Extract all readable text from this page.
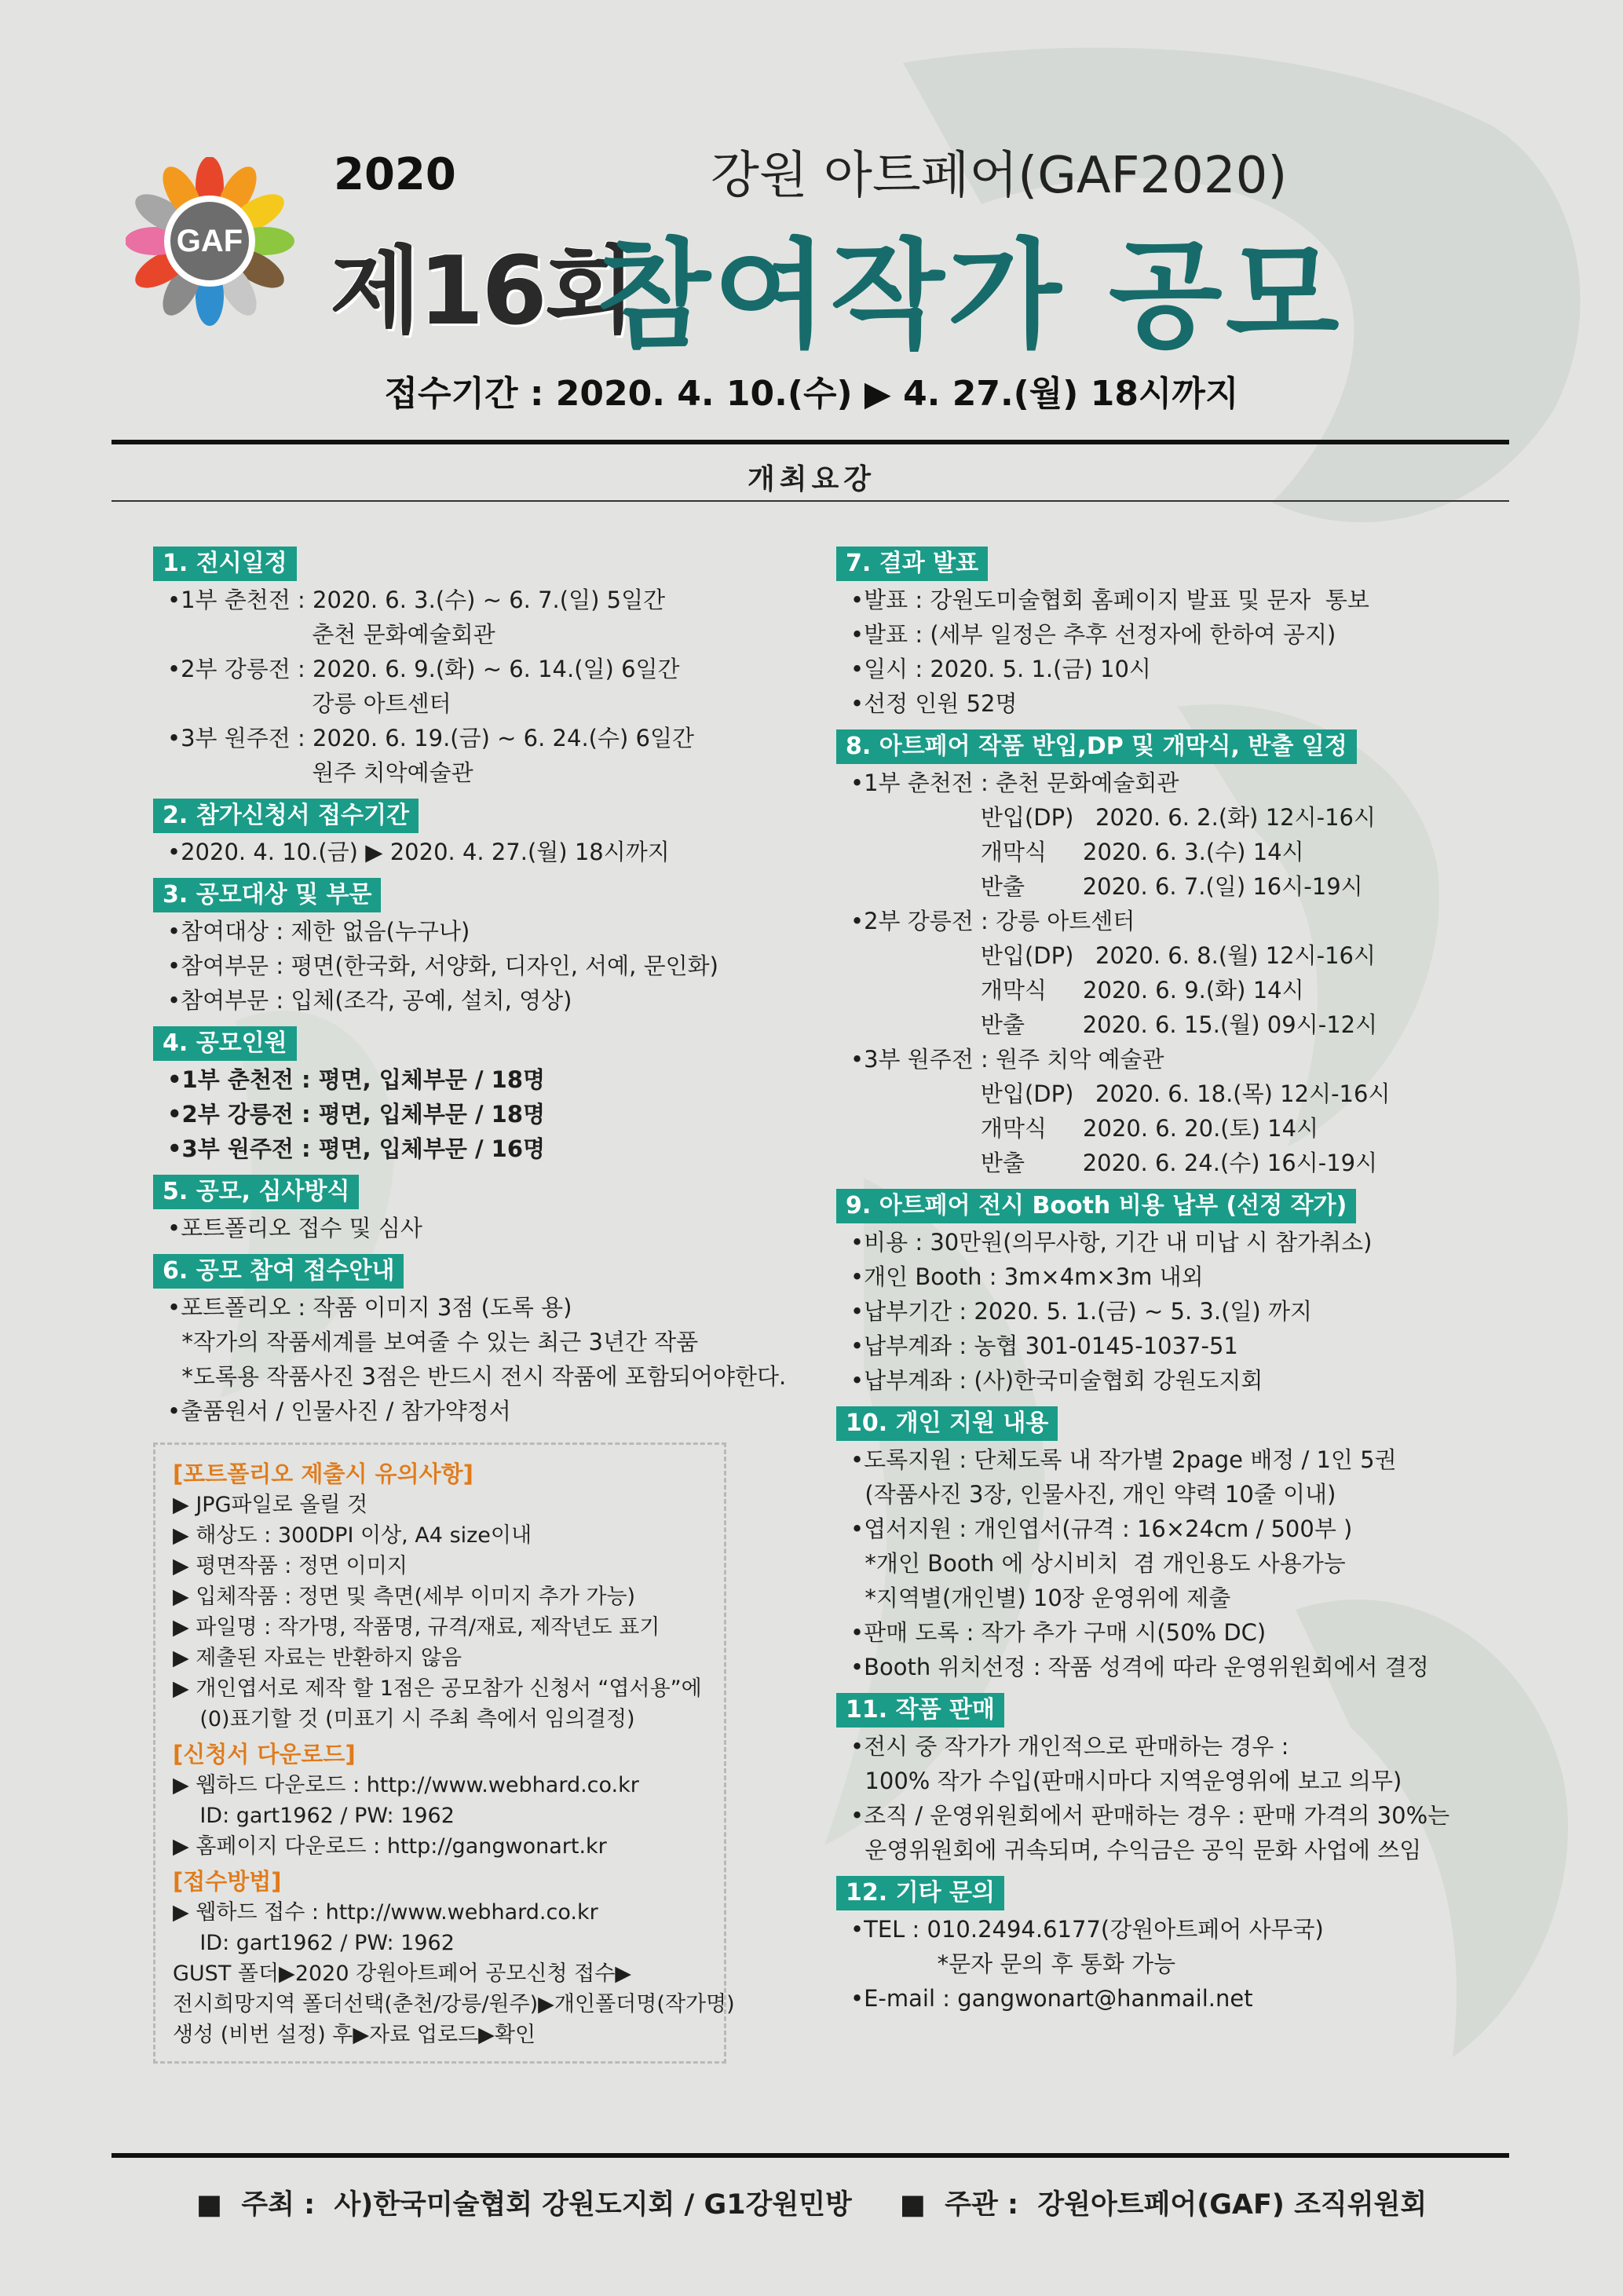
GAF
2020	강원 아트페어(GAF2020)
제16회
참여작가 공모
접수기간 : 2020. 4. 10.(수) ▶ 4. 27.(월) 18시까지
개최요강
1. 전시일정
•1부 춘천전 : 2020. 6. 3.(수) ~ 6. 7.(일) 5일간
춘천 문화예술회관
•2부 강릉전 : 2020. 6. 9.(화) ~ 6. 14.(일) 6일간
강릉 아트센터
•3부 원주전 : 2020. 6. 19.(금) ~ 6. 24.(수) 6일간
원주 치악예술관
2. 참가신청서 접수기간
•2020. 4. 10.(금) ▶ 2020. 4. 27.(월) 18시까지
3. 공모대상 및 부문
•참여대상 : 제한 없음(누구나)
•참여부문 : 평면(한국화, 서양화, 디자인, 서예, 문인화)
•참여부문 : 입체(조각, 공예, 설치, 영상)
4. 공모인원
•1부 춘천전 : 평면, 입체부문 / 18명
•2부 강릉전 : 평면, 입체부문 / 18명
•3부 원주전 : 평면, 입체부문 / 16명
5. 공모, 심사방식
•포트폴리오 접수 및 심사
6. 공모 참여 접수안내
•포트폴리오 : 작품 이미지 3점 (도록 용)
*작가의 작품세계를 보여줄 수 있는 최근 3년간 작품
*도록용 작품사진 3점은 반드시 전시 작품에 포함되어야한다.
•출품원서 / 인물사진 / 참가약정서
[포트폴리오 제출시 유의사항]
▶ JPG파일로 올릴 것
▶ 해상도 : 300DPI 이상, A4 size이내
▶ 평면작품 : 정면 이미지
▶ 입체작품 : 정면 및 측면(세부 이미지 추가 가능)
▶ 파일명 : 작가명, 작품명, 규격/재료, 제작년도 표기
▶ 제출된 자료는 반환하지 않음
▶ 개인엽서로 제작 할 1점은 공모참가 신청서 “엽서용”에
(0)표기할 것 (미표기 시 주최 측에서 임의결정)
[신청서 다운로드]
▶ 웹하드 다운로드 : http://www.webhard.co.kr
ID: gart1962 / PW: 1962
▶ 홈페이지 다운로드 : http://gangwonart.kr
[접수방법]
▶ 웹하드 접수 : http://www.webhard.co.kr
ID: gart1962 / PW: 1962
GUST 폴더▶2020 강원아트페어 공모신청 접수▶
전시희망지역 폴더선택(춘천/강릉/원주)▶개인폴더명(작가명)
생성 (비번 설정) 후▶자료 업로드▶확인
7. 결과 발표
•발표 : 강원도미술협회 홈페이지 발표 및 문자  통보
•발표 : (세부 일정은 추후 선정자에 한하여 공지)
•일시 : 2020. 5. 1.(금) 10시
•선정 인원 52명
8. 아트페어 작품 반입,DP 및 개막식, 반출 일정
•1부 춘천전 : 춘천 문화예술회관
반입(DP)   2020. 6. 2.(화) 12시-16시
개막식     2020. 6. 3.(수) 14시
반출        2020. 6. 7.(일) 16시-19시
•2부 강릉전 : 강릉 아트센터
반입(DP)   2020. 6. 8.(월) 12시-16시
개막식     2020. 6. 9.(화) 14시
반출        2020. 6. 15.(월) 09시-12시
•3부 원주전 : 원주 치악 예술관
반입(DP)   2020. 6. 18.(목) 12시-16시
개막식     2020. 6. 20.(토) 14시
반출        2020. 6. 24.(수) 16시-19시
9. 아트페어 전시 Booth 비용 납부 (선정 작가)
•비용 : 30만원(의무사항, 기간 내 미납 시 참가취소)
•개인 Booth : 3m×4m×3m 내외
•납부기간 : 2020. 5. 1.(금) ~ 5. 3.(일) 까지
•납부계좌 : 농협 301-0145-1037-51
•납부계좌 : (사)한국미술협회 강원도지회
10. 개인 지원 내용
•도록지원 : 단체도록 내 작가별 2page 배정 / 1인 5권
(작품사진 3장, 인물사진, 개인 약력 10줄 이내)
•엽서지원 : 개인엽서(규격 : 16×24cm / 500부 )
*개인 Booth 에 상시비치  겸 개인용도 사용가능
*지역별(개인별) 10장 운영위에 제출
•판매 도록 : 작가 추가 구매 시(50% DC)
•Booth 위치선정 : 작품 성격에 따라 운영위원회에서 결정
11. 작품 판매
•전시 중 작가가 개인적으로 판매하는 경우 :
100% 작가 수입(판매시마다 지역운영위에 보고 의무)
•조직 / 운영위원회에서 판매하는 경우 : 판매 가격의 30%는
운영위원회에 귀속되며, 수익금은 공익 문화 사업에 쓰임
12. 기타 문의
•TEL : 010.2494.6177(강원아트페어 사무국)
*문자 문의 후 통화 가능
•E-mail : gangwonart@hanmail.net
■  주최 :  사)한국미술협회 강원도지회 / G1강원민방     ■  주관 :  강원아트페어(GAF) 조직위원회
